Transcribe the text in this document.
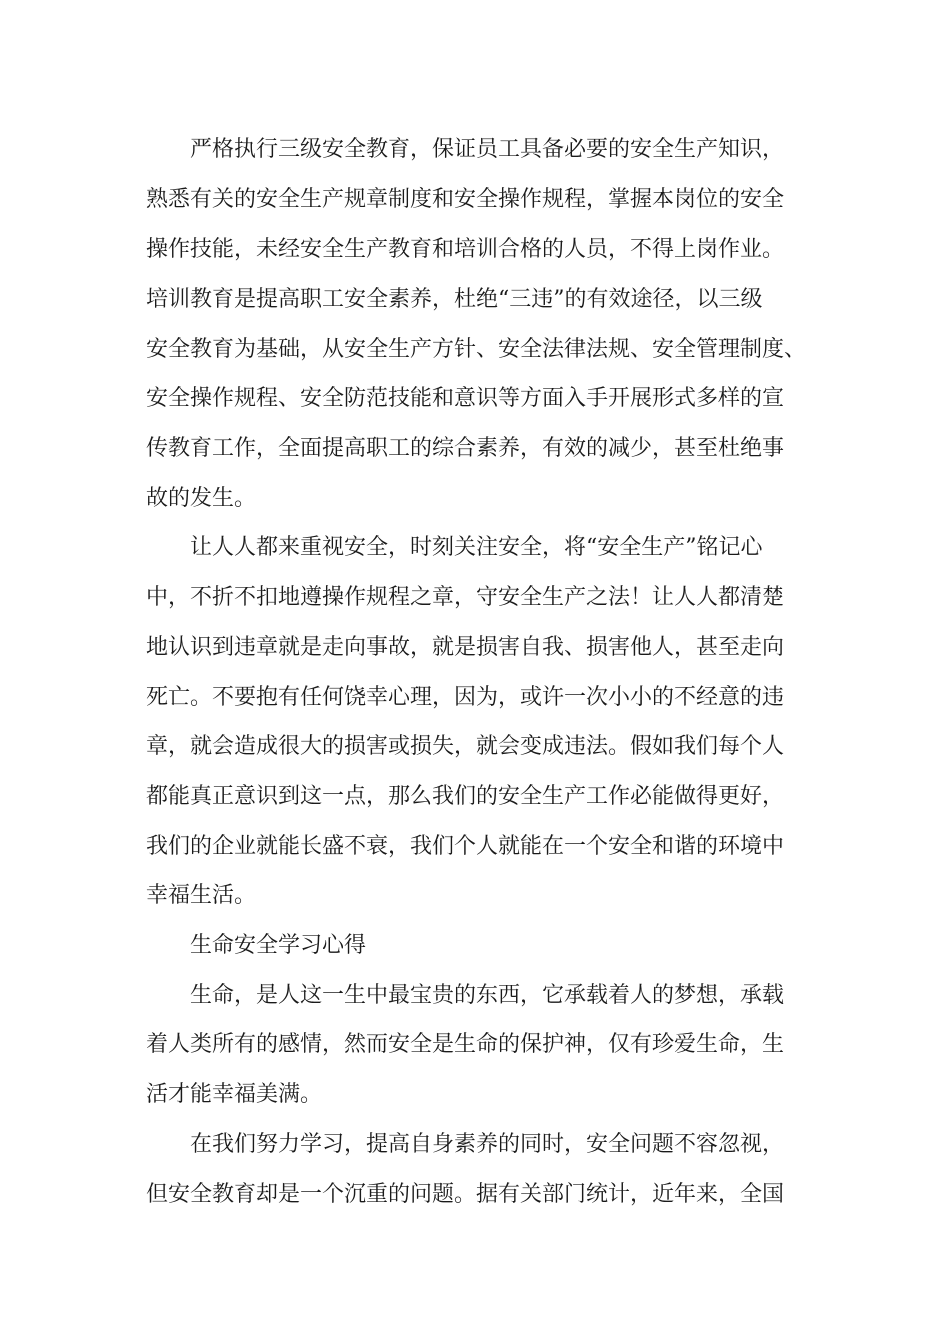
严格执行三级安全教育，保证员工具备必要的安全生产知识，
熟悉有关的安全生产规章制度和安全操作规程，掌握本岗位的安全
操作技能，未经安全生产教育和培训合格的人员，不得上岗作业。
培训教育是提高职工安全素养，杜绝“三违”的有效途径，以三级
安全教育为基础，从安全生产方针、安全法律法规、安全管理制度、
安全操作规程、安全防范技能和意识等方面入手开展形式多样的宣
传教育工作，全面提高职工的综合素养，有效的减少，甚至杜绝事
故的发生。
让人人都来重视安全，时刻关注安全，将“安全生产”铭记心
中，不折不扣地遵操作规程之章，守安全生产之法！让人人都清楚
地认识到违章就是走向事故，就是损害自我、损害他人，甚至走向
死亡。不要抱有任何饶幸心理，因为，或许一次小小的不经意的违
章，就会造成很大的损害或损失，就会变成违法。假如我们每个人
都能真正意识到这一点，那么我们的安全生产工作必能做得更好，
我们的企业就能长盛不衰，我们个人就能在一个安全和谐的环境中
幸福生活。
生命安全学习心得
生命，是人这一生中最宝贵的东西，它承载着人的梦想，承载
着人类所有的感情，然而安全是生命的保护神，仅有珍爱生命，生
活才能幸福美满。
在我们努力学习，提高自身素养的同时，安全问题不容忽视，
但安全教育却是一个沉重的问题。据有关部门统计，近年来，全国
